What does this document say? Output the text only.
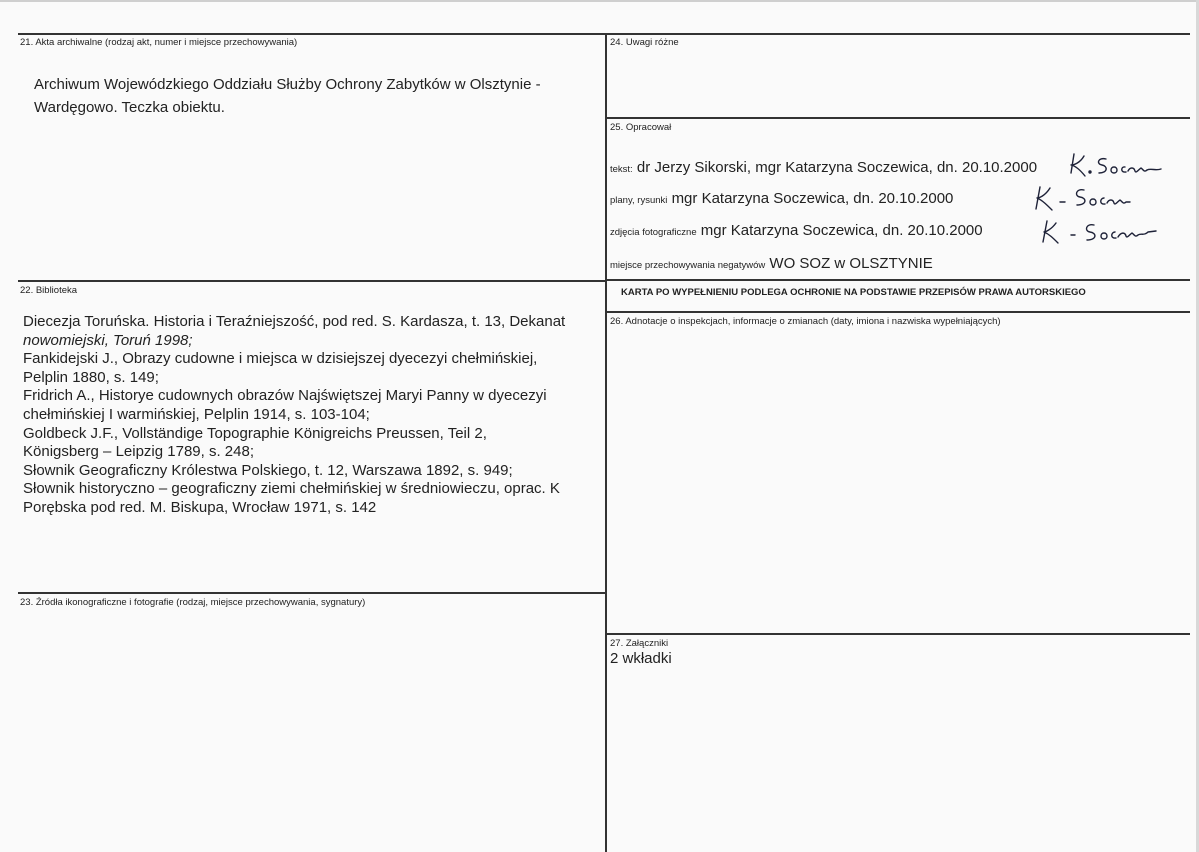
21. Akta archiwalne (rodzaj akt, numer i miejsce przechowywania)
Archiwum Wojewódzkiego Oddziału Służby Ochrony Zabytków w Olsztynie -
Wardęgowo. Teczka obiektu.
22. Biblioteka
Diecezja Toruńska. Historia i Teraźniejszość, pod red. S. Kardasza, t. 13, Dekanat
nowomiejski, Toruń 1998;
Fankidejski J., Obrazy cudowne i miejsca w dzisiejszej dyecezyi chełmińskiej,
Pelplin 1880, s. 149;
Fridrich A., Historye cudownych obrazów Najświętszej Maryi Panny w dyecezyi
chełmińskiej I warmińskiej, Pelplin 1914, s. 103-104;
Goldbeck J.F., Vollständige Topographie Königreichs Preussen, Teil 2,
Königsberg – Leipzig 1789, s. 248;
Słownik Geograficzny Królestwa Polskiego, t. 12, Warszawa 1892, s. 949;
Słownik historyczno – geograficzny ziemi chełmińskiej w średniowieczu, oprac. K
Porębska pod red. M. Biskupa, Wrocław 1971, s. 142
23. Źródła ikonograficzne i fotografie (rodzaj, miejsce przechowywania, sygnatury)
24. Uwagi różne
25. Opracował
tekst: dr Jerzy Sikorski, mgr Katarzyna Soczewica, dn. 20.10.2000
plany, rysunki mgr Katarzyna Soczewica, dn. 20.10.2000
zdjęcia fotograficzne mgr Katarzyna Soczewica, dn. 20.10.2000
miejsce przechowywania negatywów WO SOZ w OLSZTYNIE
KARTA PO WYPEŁNIENIU PODLEGA OCHRONIE NA PODSTAWIE PRZEPISÓW PRAWA AUTORSKIEGO
26. Adnotacje o inspekcjach, informacje o zmianach (daty, imiona i nazwiska wypełniających)
27. Załączniki
2 wkładki
